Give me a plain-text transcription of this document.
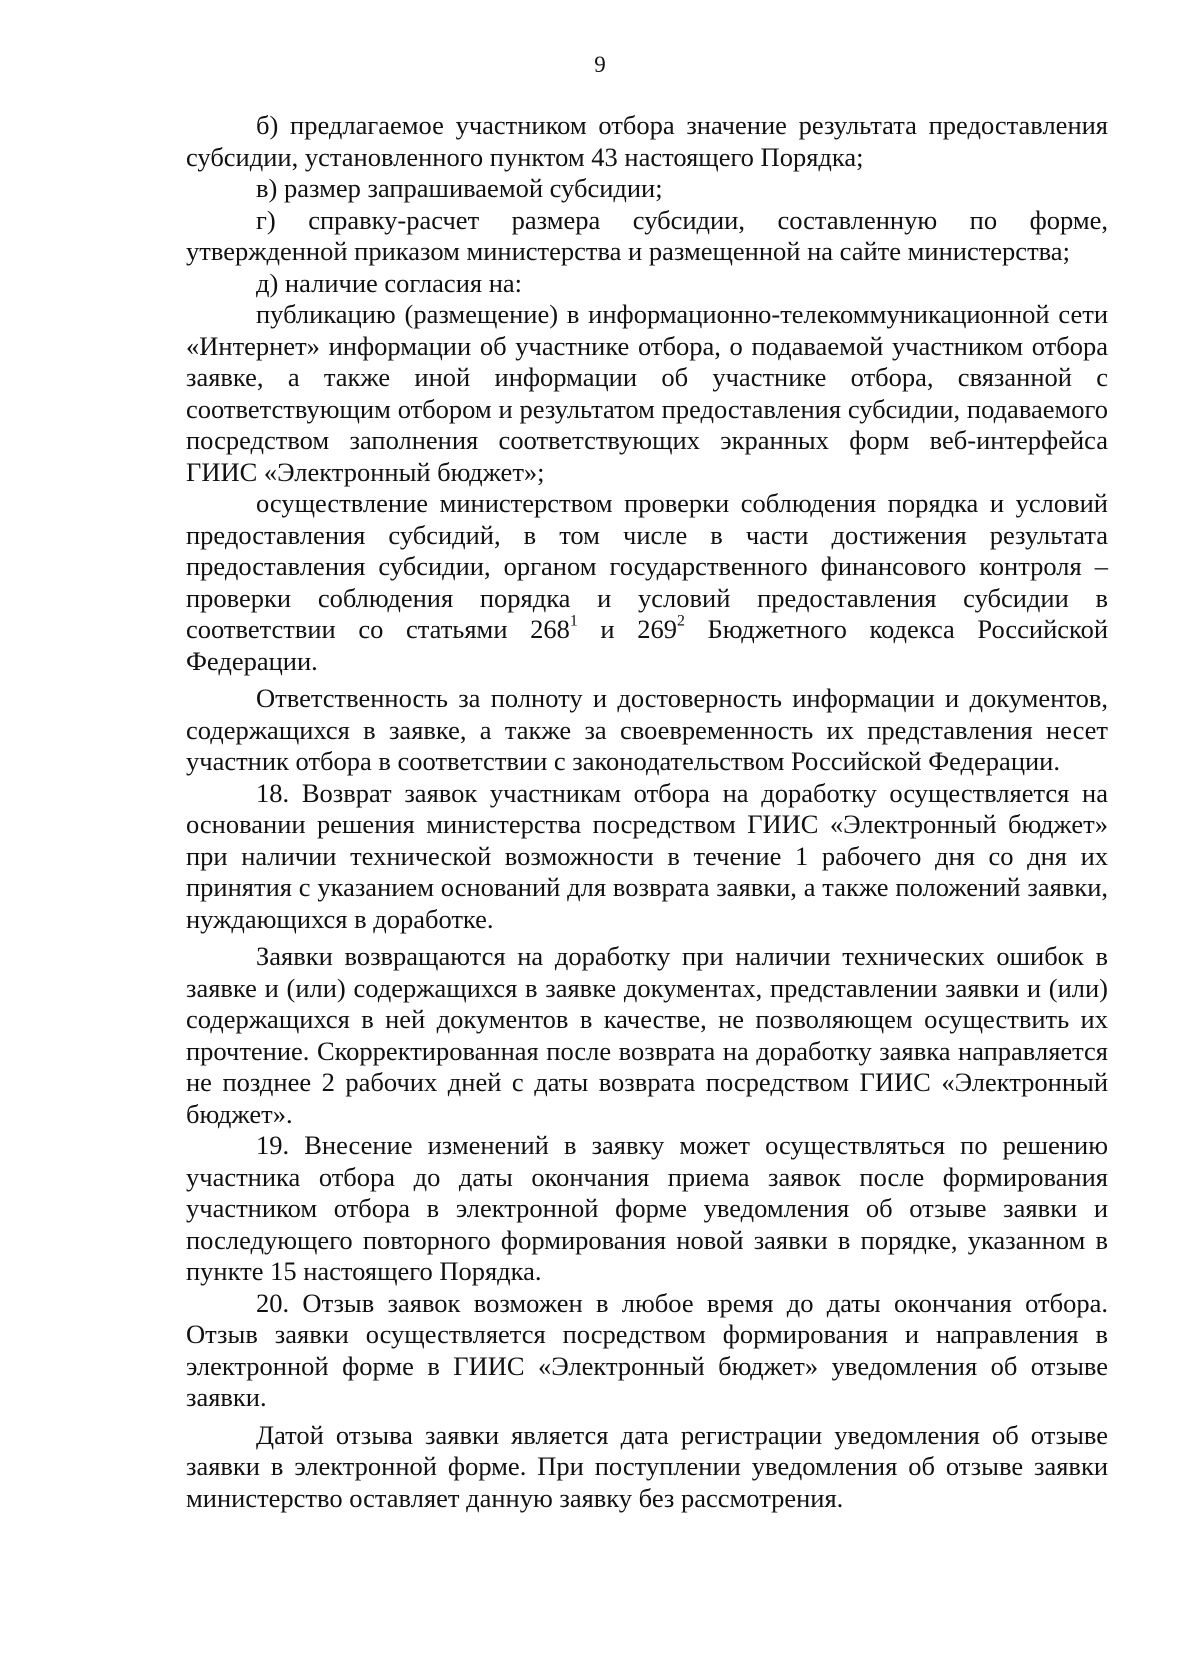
9

б) предлагаемое участником отбора значение результата предоставления субсидии, установленного пунктом 43 настоящего Порядка;

в) размер запрашиваемой субсидии;

г) справку-расчет размера субсидии, составленную по форме, утвержденной приказом министерства и размещенной на сайте министерства;

д) наличие согласия на:

публикацию (размещение) в информационно-телекоммуникационной сети «Интернет» информации об участнике отбора, о подаваемой участником отбора заявке, а также иной информации об участнике отбора, связанной с соответствующим отбором и результатом предоставления субсидии, подаваемого посредством заполнения соответствующих экранных форм веб-интерфейса ГИИС «Электронный бюджет»;

осуществление министерством проверки соблюдения порядка и условий предоставления субсидий, в том числе в части достижения результата предоставления субсидии, органом государственного финансового контроля – проверки соблюдения порядка и условий предоставления субсидии в соответствии со статьями $268^1$ и $269^2$ Бюджетного кодекса Российской Федерации.

Ответственность за полноту и достоверность информации и документов, содержащихся в заявке, а также за своевременность их представления несет участник отбора в соответствии с законодательством Российской Федерации.

18. Возврат заявок участникам отбора на доработку осуществляется на основании решения министерства посредством ГИИС «Электронный бюджет» при наличии технической возможности в течение 1 рабочего дня со дня их принятия с указанием оснований для возврата заявки, а также положений заявки, нуждающихся в доработке.

Заявки возвращаются на доработку при наличии технических ошибок в заявке и (или) содержащихся в заявке документах, представлении заявки и (или) содержащихся в ней документов в качестве, не позволяющем осуществить их прочтение. Скорректированная после возврата на доработку заявка направляется не позднее 2 рабочих дней с даты возврата посредством ГИИС «Электронный бюджет».

19. Внесение изменений в заявку может осуществляться по решению участника отбора до даты окончания приема заявок после формирования участником отбора в электронной форме уведомления об отзыве заявки и последующего повторного формирования новой заявки в порядке, указанном в пункте 15 настоящего Порядка.

20. Отзыв заявок возможен в любое время до даты окончания отбора. Отзыв заявки осуществляется посредством формирования и направления в электронной форме в ГИИС «Электронный бюджет» уведомления об отзыве заявки.

Датой отзыва заявки является дата регистрации уведомления об отзыве заявки в электронной форме. При поступлении уведомления об отзыве заявки министерство оставляет данную заявку без рассмотрения.
